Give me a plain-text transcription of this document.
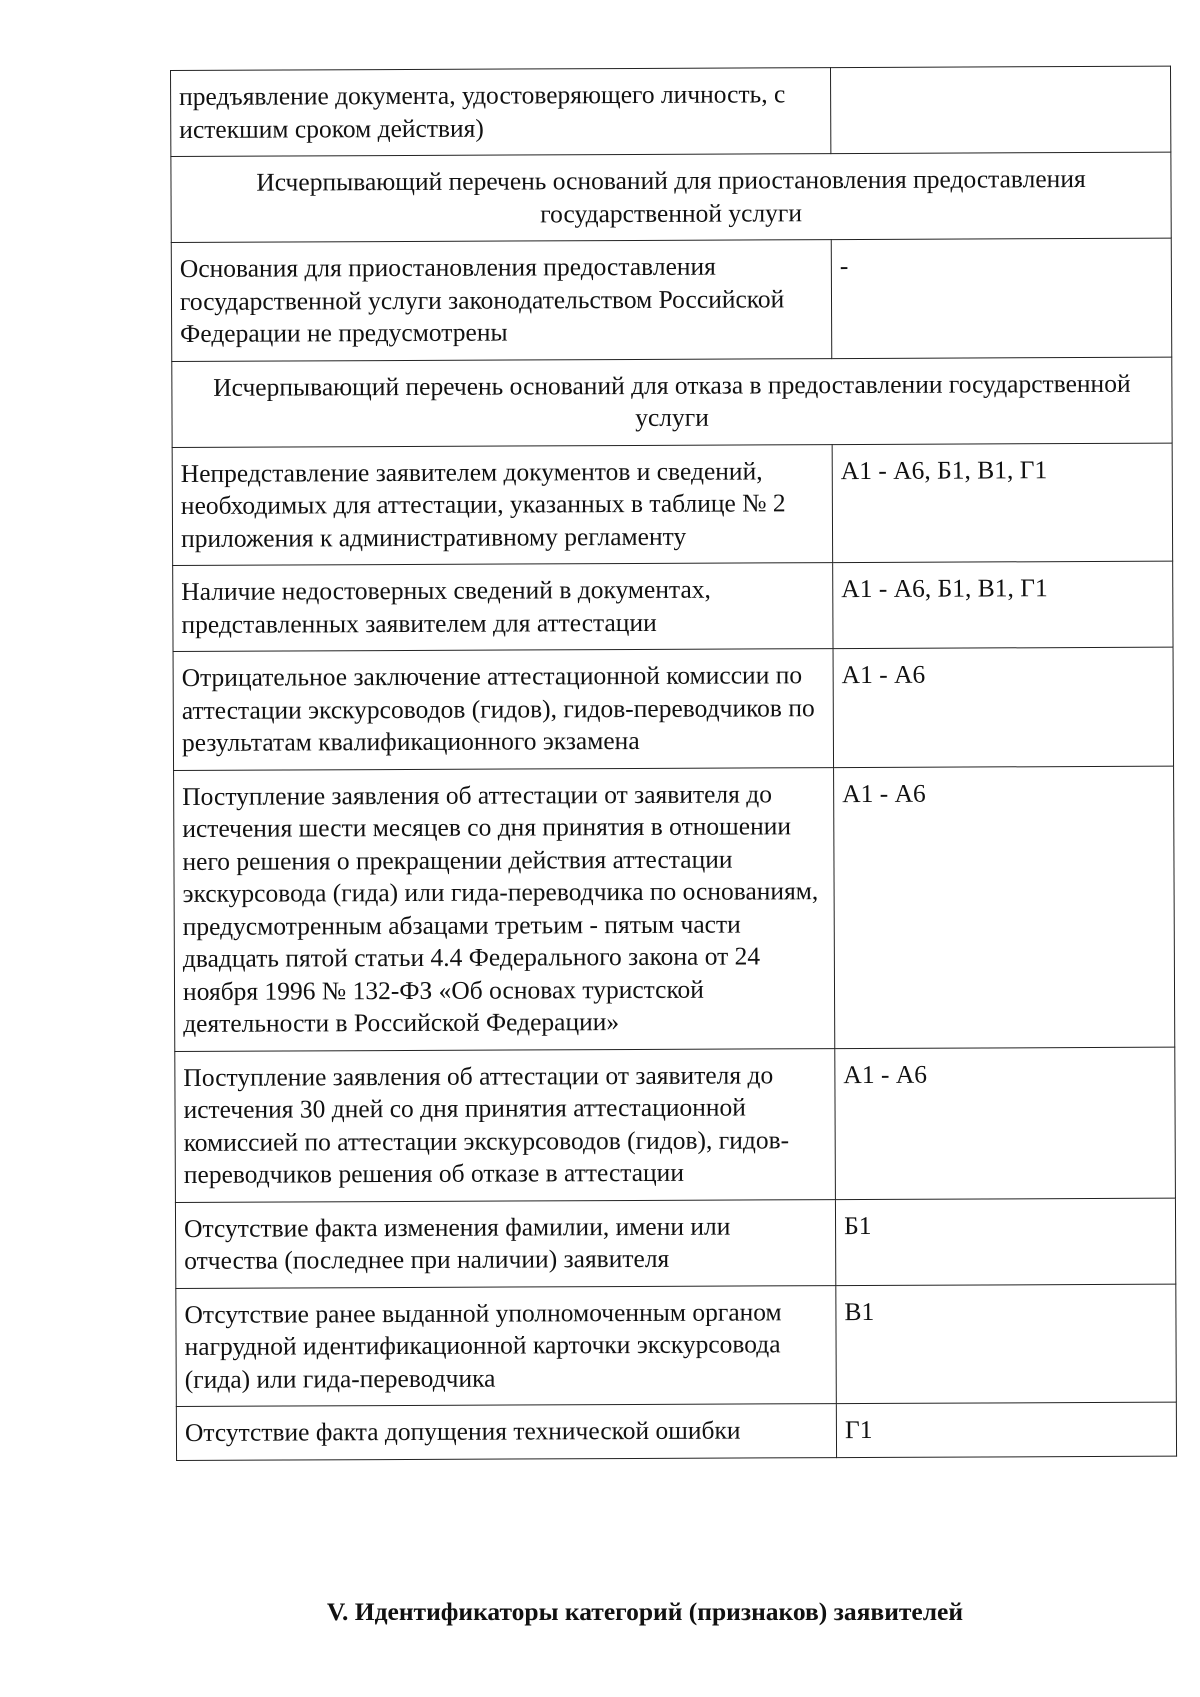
предъявление документа, удостоверяющего личность, с истекшим сроком действия)	
Исчерпывающий перечень оснований для приостановления предоставления государственной услуги	
Основания для приостановления предоставления государственной услуги законодательством Российской Федерации не предусмотрены	-
Исчерпывающий перечень оснований для отказа в предоставлении государственной услуги	
Непредставление заявителем документов и сведений, необходимых для аттестации, указанных в таблице № 2 приложения к административному регламенту	А1 - А6, Б1, В1, Г1
Наличие недостоверных сведений в документах, представленных заявителем для аттестации	А1 - А6, Б1, В1, Г1
Отрицательное заключение аттестационной комиссии по аттестации экскурсоводов (гидов), гидов-переводчиков по результатам квалификационного экзамена	А1 - А6
Поступление заявления об аттестации от заявителя до истечения шести месяцев со дня принятия в отношении него решения о прекращении действия аттестации экскурсовода (гида) или гида-переводчика по основаниям, предусмотренным абзацами третьим - пятым части двадцать пятой статьи 4.4 Федерального закона от 24 ноября 1996 № 132-ФЗ «Об основах туристской деятельности в Российской Федерации»	А1 - А6
Поступление заявления об аттестации от заявителя до истечения 30 дней со дня принятия аттестационной комиссией по аттестации экскурсоводов (гидов), гидов-переводчиков решения об отказе в аттестации	А1 - А6
Отсутствие факта изменения фамилии, имени или отчества (последнее при наличии) заявителя	Б1
Отсутствие ранее выданной уполномоченным органом нагрудной идентификационной карточки экскурсовода (гида) или гида-переводчика	В1
Отсутствие факта допущения технической ошибки	Г1
V. Идентификаторы категорий (признаков) заявителей
